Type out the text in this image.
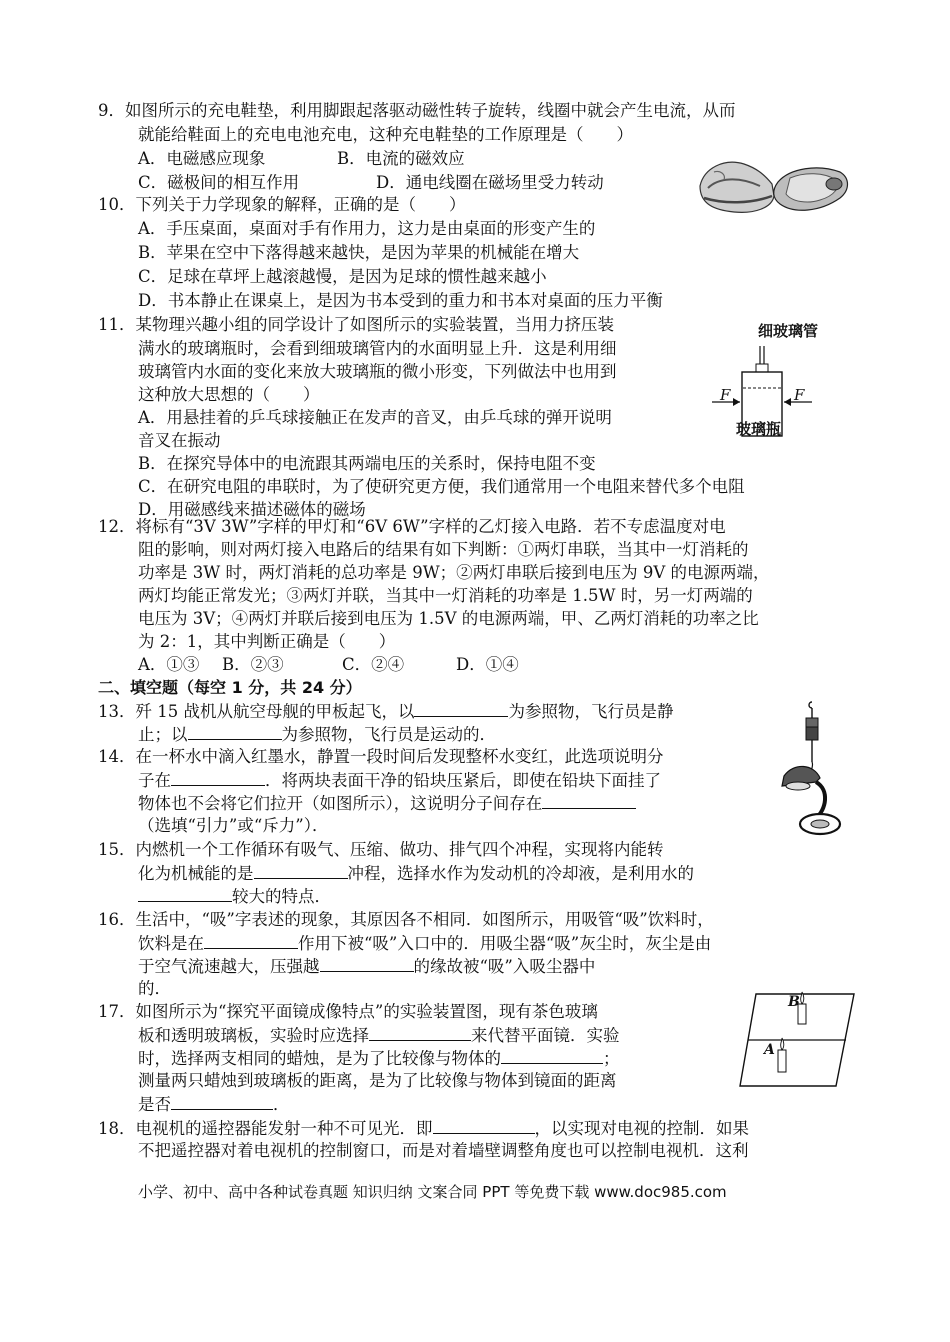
9．如图所示的充电鞋垫，利用脚跟起落驱动磁性转子旋转，线圈中就会产生电流，从而
就能给鞋面上的充电电池充电，这种充电鞋垫的工作原理是（　　）
A．电磁感应现象	B．电流的磁效应
C．磁极间的相互作用	D．通电线圈在磁场里受力转动
10．下列关于力学现象的解释，正确的是（　　）
A．手压桌面，桌面对手有作用力，这力是由桌面的形变产生的
B．苹果在空中下落得越来越快，是因为苹果的机械能在增大
C．足球在草坪上越滚越慢，是因为足球的惯性越来越小
D．书本静止在课桌上，是因为书本受到的重力和书本对桌面的压力平衡
11．某物理兴趣小组的同学设计了如图所示的实验装置，当用力挤压装
满水的玻璃瓶时，会看到细玻璃管内的水面明显上升．这是利用细
玻璃管内水面的变化来放大玻璃瓶的微小形变，下列做法中也用到
这种放大思想的（　　）
A．用悬挂着的乒乓球接触正在发声的音叉，由乒乓球的弹开说明
音叉在振动
B．在探究导体中的电流跟其两端电压的关系时，保持电阻不变
C．在研究电阻的串联时，为了使研究更方便，我们通常用一个电阻来替代多个电阻
D．用磁感线来描述磁体的磁场
细玻璃管
F	F
玻璃瓶
12．将标有“3V 3W”字样的甲灯和“6V 6W”字样的乙灯接入电路．若不专虑温度对电
阻的影响，则对两灯接入电路后的结果有如下判断：①两灯串联，当其中一灯消耗的
功率是 3W 时，两灯消耗的总功率是 9W；②两灯串联后接到电压为 9V 的电源两端，
两灯均能正常发光；③两灯并联，当其中一灯消耗的功率是 1.5W 时，另一灯两端的
电压为 3V；④两灯并联后接到电压为 1.5V 的电源两端，甲、乙两灯消耗的功率之比
为 2：1，其中判断正确是（　　）
A．①③ B．②③	C．②④	D．①④
二、填空题（每空 1 分，共 24 分）
13．歼 15 战机从航空母舰的甲板起飞，以	为参照物，飞行员是静
止；以	为参照物，飞行员是运动的．
14．在一杯水中滴入红墨水，静置一段时间后发现整杯水变红，此选项说明分
子在	．将两块表面干净的铅块压紧后，即使在铅块下面挂了
物体也不会将它们拉开（如图所示），这说明分子间存在
（选填“引力”或“斥力”）．
15．内燃机一个工作循环有吸气、压缩、做功、排气四个冲程，实现将内能转
化为机械能的是	冲程，选择水作为发动机的冷却液，是利用水的
较大的特点．
16．生活中，“吸”字表述的现象，其原因各不相同．如图所示，用吸管“吸”饮料时，
饮料是在	作用下被“吸”入口中的．用吸尘器“吸”灰尘时，灰尘是由
于空气流速越大，压强越	的缘故被“吸”入吸尘器中
的．
17．如图所示为“探究平面镜成像特点”的实验装置图，现有茶色玻璃
板和透明玻璃板，实验时应选择	来代替平面镜．实验
时，选择两支相同的蜡烛，是为了比较像与物体的	；
测量两只蜡烛到玻璃板的距离，是为了比较像与物体到镜面的距离
是否	．
B
A
18．电视机的遥控器能发射一种不可见光．即	，以实现对电视的控制．如果
不把遥控器对着电视机的控制窗口，而是对着墙壁调整角度也可以控制电视机．这利
小学、初中、高中各种试卷真题 知识归纳 文案合同 PPT 等免费下载 www.doc985.com
